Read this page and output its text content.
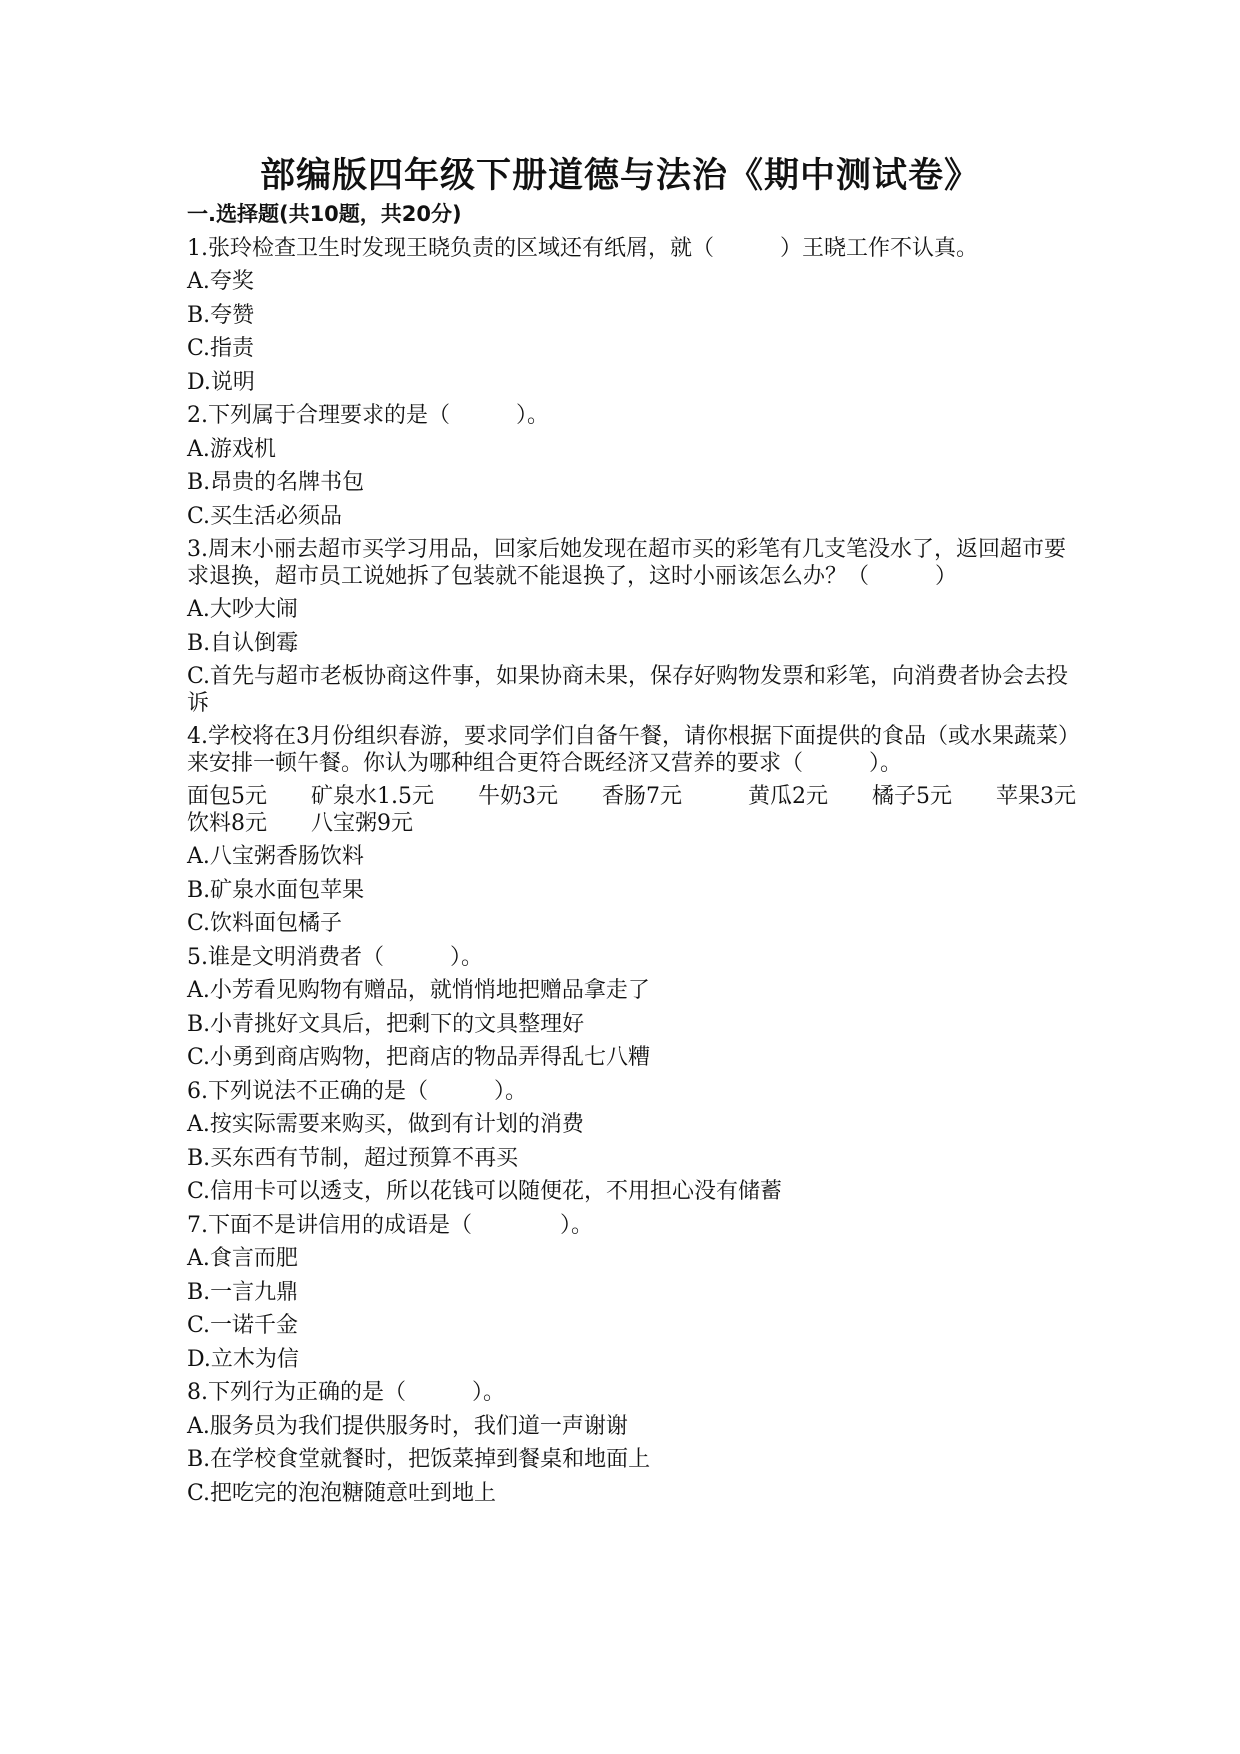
部编版四年级下册道德与法治《期中测试卷》

一.选择题(共10题，共20分)

1.张玲检查卫生时发现王晓负责的区域还有纸屑，就（　　　）王晓工作不认真。

A.夸奖

B.夸赞

C.指责

D.说明

2.下列属于合理要求的是（　　　）。

A.游戏机

B.昂贵的名牌书包

C.买生活必须品

3.周末小丽去超市买学习用品，回家后她发现在超市买的彩笔有几支笔没水了，返回超市要求退换，超市员工说她拆了包装就不能退换了，这时小丽该怎么办？（　　　）

A.大吵大闹

B.自认倒霉

C.首先与超市老板协商这件事，如果协商未果，保存好购物发票和彩笔，向消费者协会去投诉

4.学校将在3月份组织春游，要求同学们自备午餐，请你根据下面提供的食品（或水果蔬菜）来安排一顿午餐。你认为哪种组合更符合既经济又营养的要求（　　　）。

面包5元　　矿泉水1.5元　　牛奶3元　　香肠7元　　　黄瓜2元　　橘子5元　　苹果3元　　饮料8元　　八宝粥9元

A.八宝粥香肠饮料

B.矿泉水面包苹果

C.饮料面包橘子

5.谁是文明消费者（　　　）。

A.小芳看见购物有赠品，就悄悄地把赠品拿走了

B.小青挑好文具后，把剩下的文具整理好

C.小勇到商店购物，把商店的物品弄得乱七八糟

6.下列说法不正确的是（　　　）。

A.按实际需要来购买，做到有计划的消费

B.买东西有节制，超过预算不再买

C.信用卡可以透支，所以花钱可以随便花，不用担心没有储蓄

7.下面不是讲信用的成语是（　　　　）。

A.食言而肥

B.一言九鼎

C.一诺千金

D.立木为信

8.下列行为正确的是（　　　）。

A.服务员为我们提供服务时，我们道一声谢谢

B.在学校食堂就餐时，把饭菜掉到餐桌和地面上

C.把吃完的泡泡糖随意吐到地上
